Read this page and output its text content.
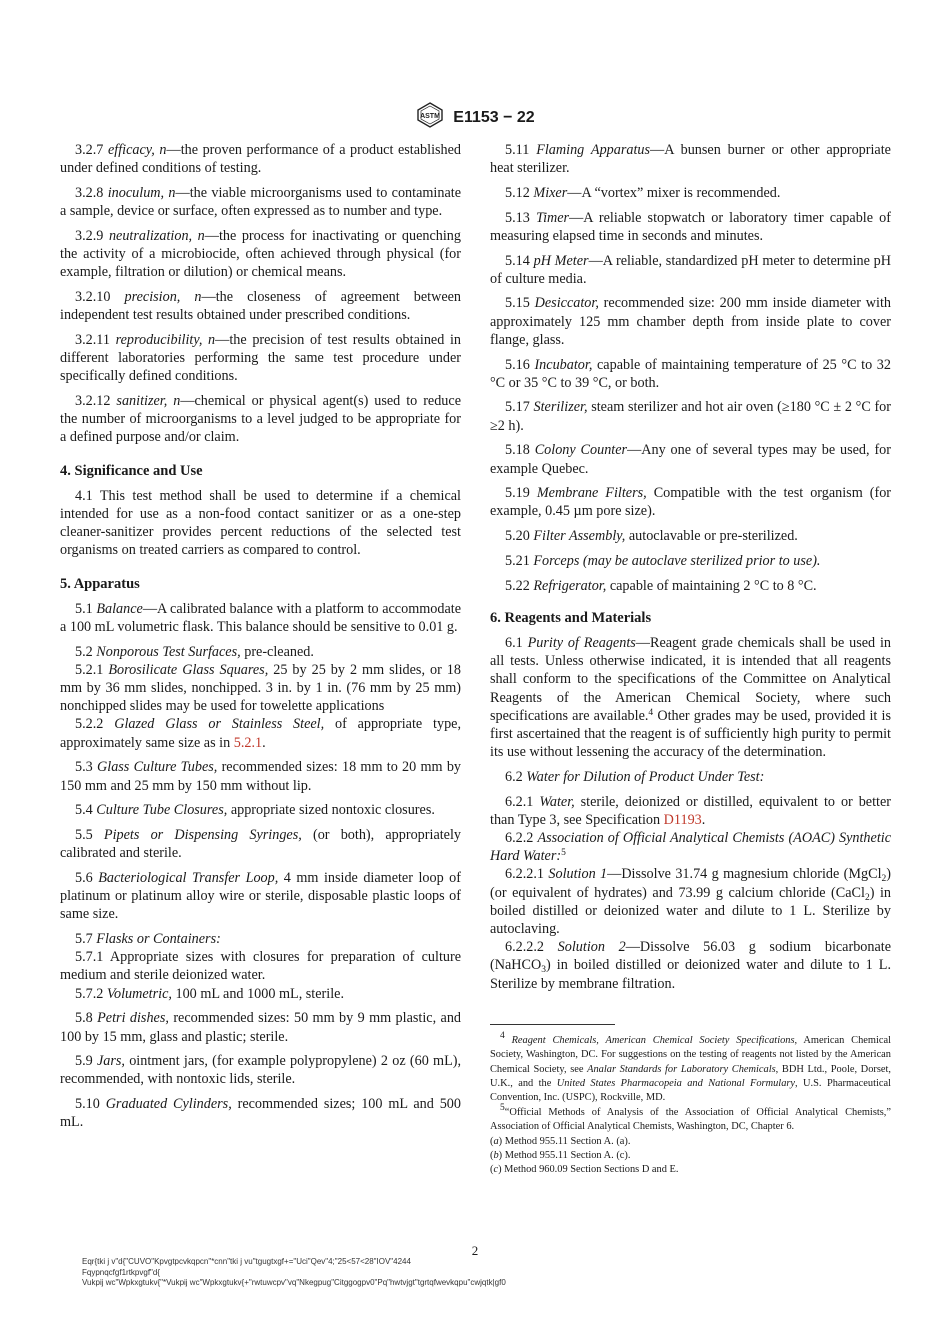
ASTM E1153 − 22

3.2.7 efficacy, n—the proven performance of a product established under defined conditions of testing.

3.2.8 inoculum, n—the viable microorganisms used to contaminate a sample, device or surface, often expressed as to number and type.

3.2.9 neutralization, n—the process for inactivating or quenching the activity of a microbiocide, often achieved through physical (for example, filtration or dilution) or chemical means.

3.2.10 precision, n—the closeness of agreement between independent test results obtained under prescribed conditions.

3.2.11 reproducibility, n—the precision of test results obtained in different laboratories performing the same test procedure under specifically defined conditions.

3.2.12 sanitizer, n—chemical or physical agent(s) used to reduce the number of microorganisms to a level judged to be appropriate for a defined purpose and/or claim.

4. Significance and Use

4.1 This test method shall be used to determine if a chemical intended for use as a non-food contact sanitizer or as a one-step cleaner-sanitizer provides percent reductions of the selected test organisms on treated carriers as compared to control.

5. Apparatus

5.1 Balance—A calibrated balance with a platform to accommodate a 100 mL volumetric flask. This balance should be sensitive to 0.01 g.

5.2 Nonporous Test Surfaces, pre-cleaned.

5.2.1 Borosilicate Glass Squares, 25 by 25 by 2 mm slides, or 18 mm by 36 mm slides, nonchipped. 3 in. by 1 in. (76 mm by 25 mm) nonchipped slides may be used for towelette applications

5.2.2 Glazed Glass or Stainless Steel, of appropriate type, approximately same size as in 5.2.1.

5.3 Glass Culture Tubes, recommended sizes: 18 mm to 20 mm by 150 mm and 25 mm by 150 mm without lip.

5.4 Culture Tube Closures, appropriate sized nontoxic closures.

5.5 Pipets or Dispensing Syringes, (or both), appropriately calibrated and sterile.

5.6 Bacteriological Transfer Loop, 4 mm inside diameter loop of platinum or platinum alloy wire or sterile, disposable plastic loops of same size.

5.7 Flasks or Containers:

5.7.1 Appropriate sizes with closures for preparation of culture medium and sterile deionized water.

5.7.2 Volumetric, 100 mL and 1000 mL, sterile.

5.8 Petri dishes, recommended sizes: 50 mm by 9 mm plastic, and 100 by 15 mm, glass and plastic; sterile.

5.9 Jars, ointment jars, (for example polypropylene) 2 oz (60 mL), recommended, with nontoxic lids, sterile.

5.10 Graduated Cylinders, recommended sizes; 100 mL and 500 mL.

5.11 Flaming Apparatus—A bunsen burner or other appropriate heat sterilizer.

5.12 Mixer—A “vortex” mixer is recommended.

5.13 Timer—A reliable stopwatch or laboratory timer capable of measuring elapsed time in seconds and minutes.

5.14 pH Meter—A reliable, standardized pH meter to determine pH of culture media.

5.15 Desiccator, recommended size: 200 mm inside diameter with approximately 125 mm chamber depth from inside plate to cover flange, glass.

5.16 Incubator, capable of maintaining temperature of 25 °C to 32 °C or 35 °C to 39 °C, or both.

5.17 Sterilizer, steam sterilizer and hot air oven (≥180 °C ± 2 °C for ≥2 h).

5.18 Colony Counter—Any one of several types may be used, for example Quebec.

5.19 Membrane Filters, Compatible with the test organism (for example, 0.45 µm pore size).

5.20 Filter Assembly, autoclavable or pre-sterilized.

5.21 Forceps (may be autoclave sterilized prior to use).

5.22 Refrigerator, capable of maintaining 2 °C to 8 °C.

6. Reagents and Materials

6.1 Purity of Reagents—Reagent grade chemicals shall be used in all tests. Unless otherwise indicated, it is intended that all reagents shall conform to the specifications of the Committee on Analytical Reagents of the American Chemical Society, where such specifications are available.$^4$ Other grades may be used, provided it is first ascertained that the reagent is of sufficiently high purity to permit its use without lessening the accuracy of the determination.

6.2 Water for Dilution of Product Under Test:

6.2.1 Water, sterile, deionized or distilled, equivalent to or better than Type 3, see Specification D1193.

6.2.2 Association of Official Analytical Chemists (AOAC) Synthetic Hard Water:$^5$

6.2.2.1 Solution 1—Dissolve 31.74 g magnesium chloride (MgCl$_2$) (or equivalent of hydrates) and 73.99 g calcium chloride (CaCl$_2$) in boiled distilled or deionized water and dilute to 1 L. Sterilize by autoclaving.

6.2.2.2 Solution 2—Dissolve 56.03 g sodium bicarbonate (NaHCO$_3$) in boiled distilled or deionized water and dilute to 1 L. Sterilize by membrane filtration.

$^4$ Reagent Chemicals, American Chemical Society Specifications, American Chemical Society, Washington, DC. For suggestions on the testing of reagents not listed by the American Chemical Society, see Analar Standards for Laboratory Chemicals, BDH Ltd., Poole, Dorset, U.K., and the United States Pharmacopeia and National Formulary, U.S. Pharmaceutical Convention, Inc. (USPC), Rockville, MD.

$^5$“Official Methods of Analysis of the Association of Official Analytical Chemists,” Association of Official Analytical Chemists, Washington, DC, Chapter 6.

(a) Method 955.11 Section A. (a).

(b) Method 955.11 Section A. (c).

(c) Method 960.09 Section Sections D and E.

2
Eqr{tki j v"d{"CUVO"Kpvgtpcvkqpcn"*cnn"tki j vu"tgugtxgf+="Uci"Qev"4;"25<57<28"IOV"4244
Fqypnqcfgf1rtkpvgf"d{
Vukpij wc"Wpkxgtukv{"*Vukpij wc"Wpkxgtukv{+"rwtuwcpv"vq"Nkegpug"Citggogpv0"Pq"hwtvjgt"tgrtqfwevkqpu"cwjqtk|gf0
